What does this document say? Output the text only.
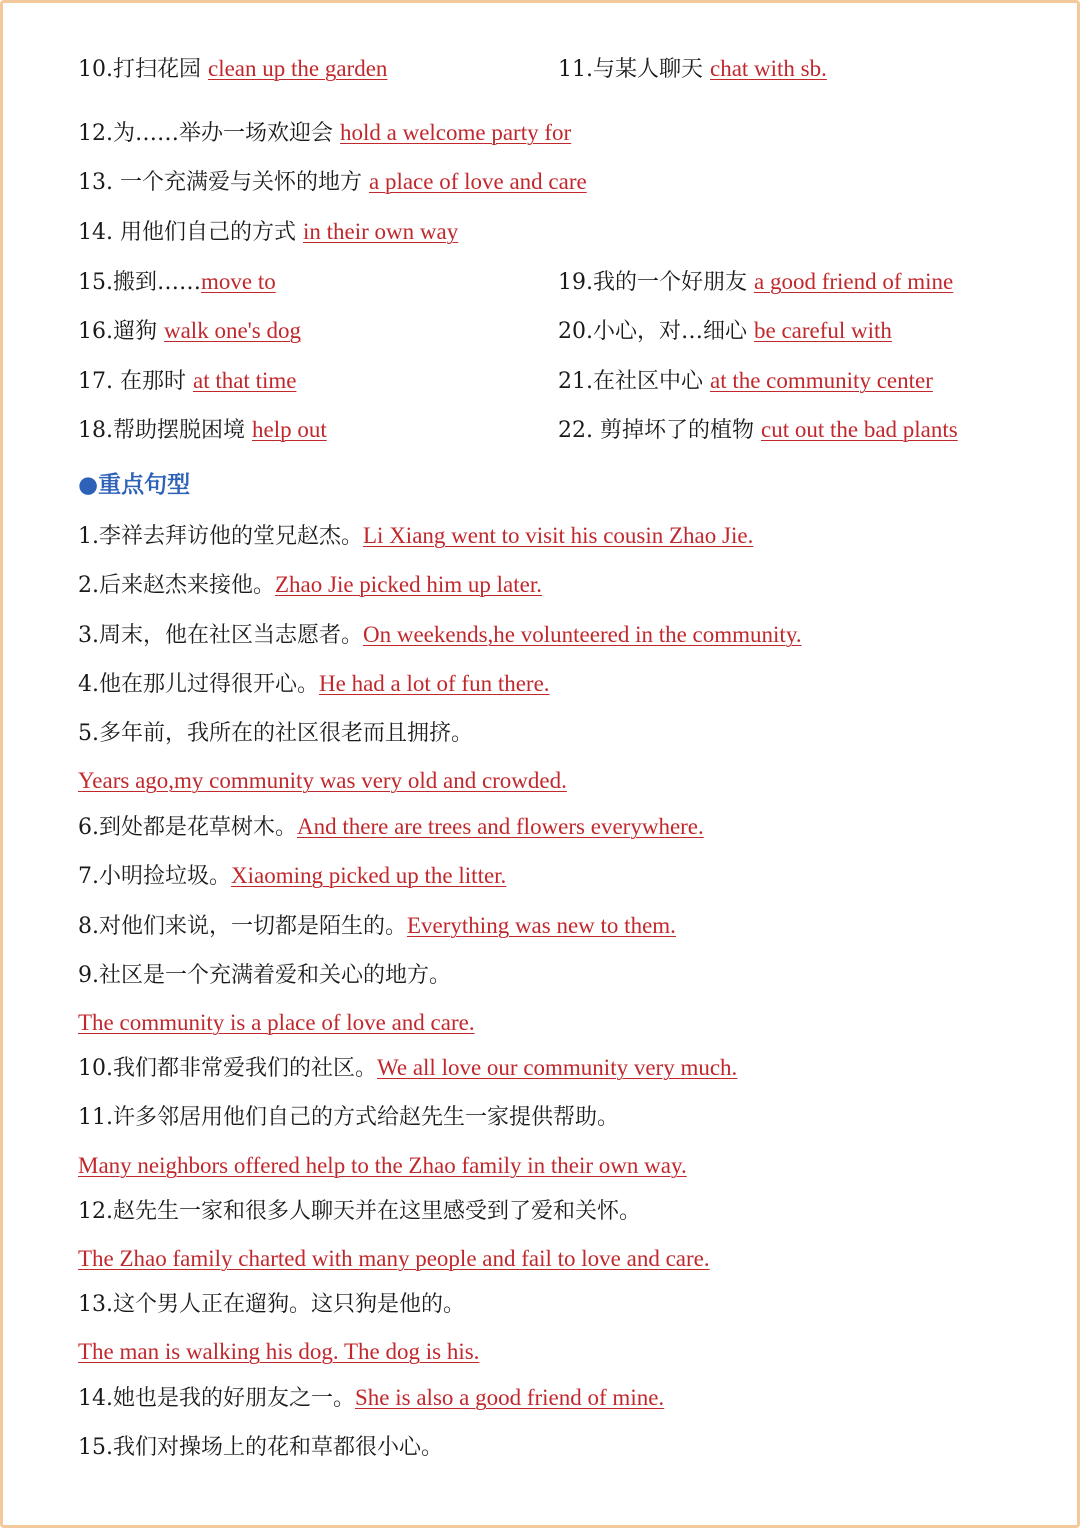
10.打扫花园 clean up the garden	11.与某人聊天 chat with sb.
12.为……举办一场欢迎会 hold a welcome party for
13. 一个充满爱与关怀的地方 a place of love and care
14. 用他们自己的方式 in their own way
15.搬到……move to
16.遛狗 walk one's dog
17. 在那时 at that time
18.帮助摆脱困境 help out
19.我的一个好朋友 a good friend of mine
20.小心，对…细心 be careful with
21.在社区中心 at the community center
22. 剪掉坏了的植物 cut out the bad plants
●重点句型
1.李祥去拜访他的堂兄赵杰。Li Xiang went to visit his cousin Zhao Jie.
2.后来赵杰来接他。Zhao Jie picked him up later.
3.周末，他在社区当志愿者。On weekends,he volunteered in the community.
4.他在那儿过得很开心。He had a lot of fun there.
5.多年前，我所在的社区很老而且拥挤。
Years ago,my community was very old and crowded.
6.到处都是花草树木。And there are trees and flowers everywhere.
7.小明捡垃圾。Xiaoming picked up the litter.
8.对他们来说，一切都是陌生的。Everything was new to them.
9.社区是一个充满着爱和关心的地方。
The community is a place of love and care.
10.我们都非常爱我们的社区。We all love our community very much.
11.许多邻居用他们自己的方式给赵先生一家提供帮助。
Many neighbors offered help to the Zhao family in their own way.
12.赵先生一家和很多人聊天并在这里感受到了爱和关怀。
The Zhao family charted with many people and fail to love and care.
13.这个男人正在遛狗。这只狗是他的。
The man is walking his dog. The dog is his.
14.她也是我的好朋友之一。She is also a good friend of mine.
15.我们对操场上的花和草都很小心。
